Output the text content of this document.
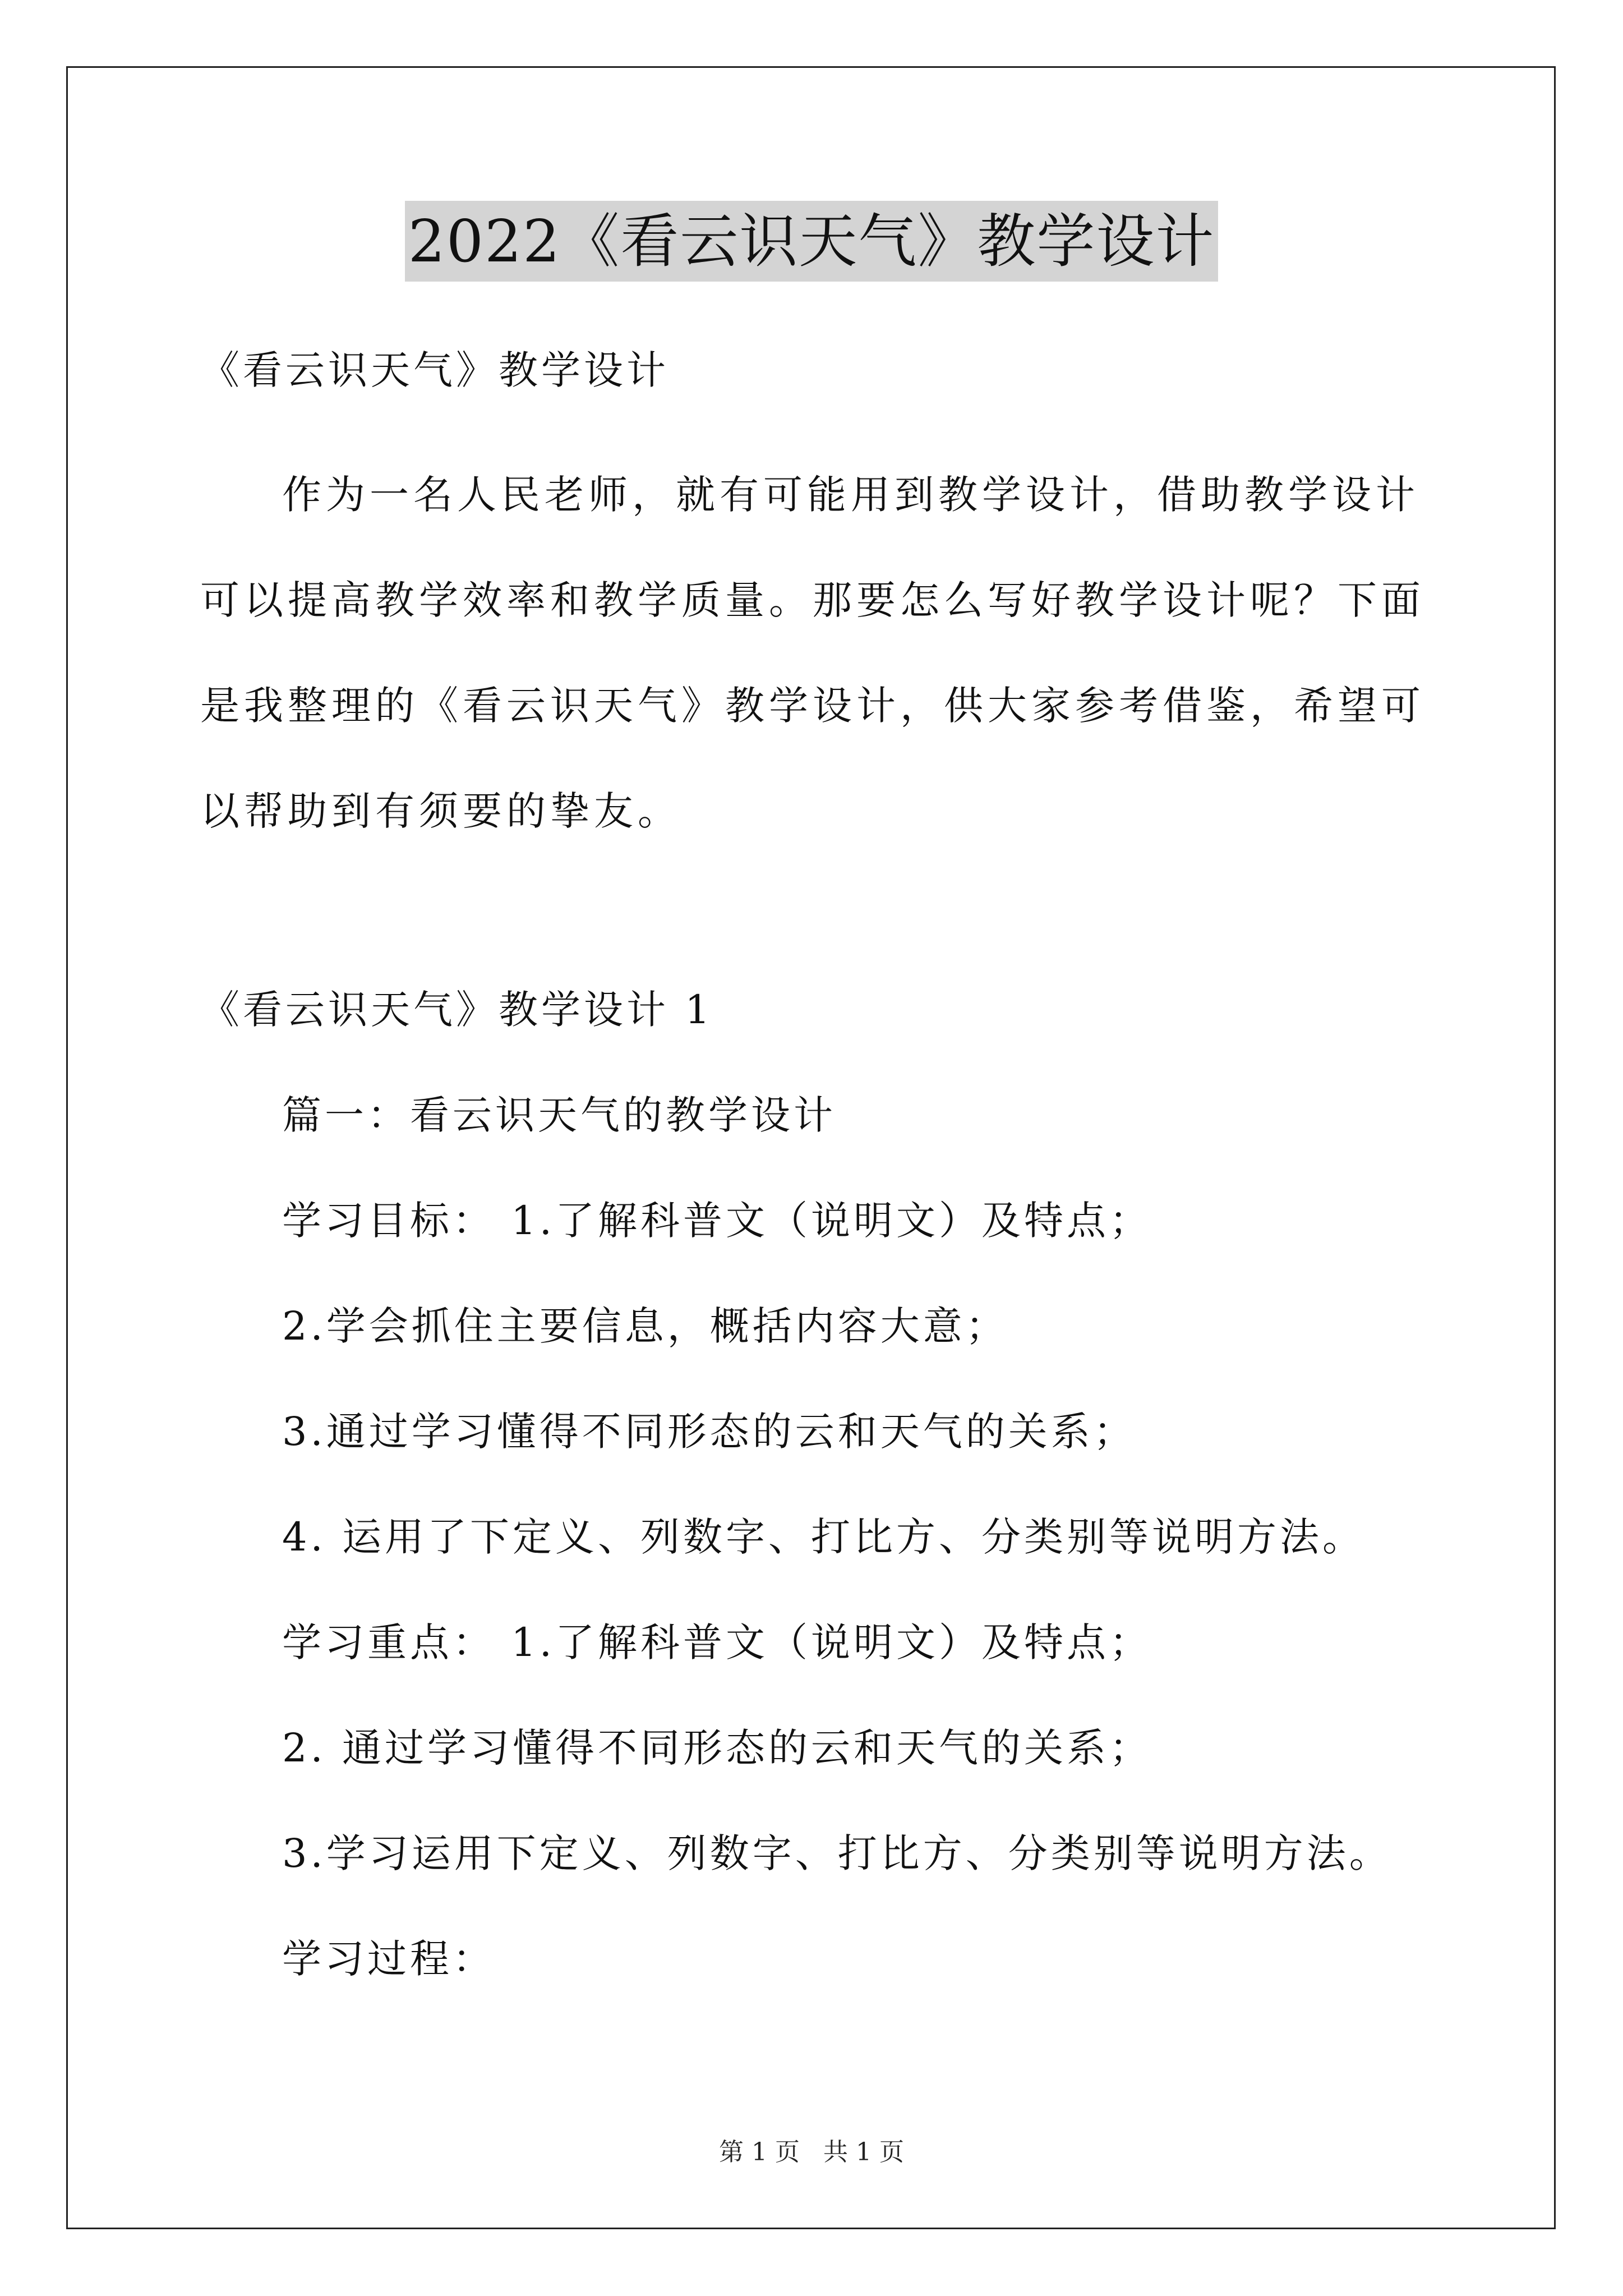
2022《看云识天气》教学设计

《看云识天气》教学设计

作为一名人民老师，就有可能用到教学设计，借助教学设计可以提高教学效率和教学质量。那要怎么写好教学设计呢？下面是我整理的《看云识天气》教学设计，供大家参考借鉴，希望可以帮助到有须要的挚友。

《看云识天气》教学设计 1

篇一：看云识天气的教学设计

学习目标： 1.了解科普文（说明文）及特点；

2.学会抓住主要信息，概括内容大意；

3.通过学习懂得不同形态的云和天气的关系；

4. 运用了下定义、列数字、打比方、分类别等说明方法。

学习重点： 1.了解科普文（说明文）及特点；

2. 通过学习懂得不同形态的云和天气的关系；

3.学习运用下定义、列数字、打比方、分类别等说明方法。

学习过程：

第 1 页 共 1 页
